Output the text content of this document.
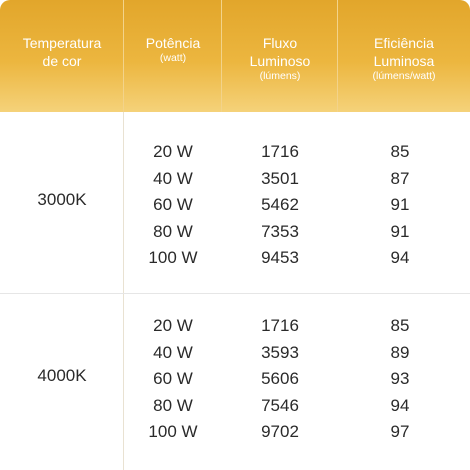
Temperatura
de cor
Potência
(watt)
Fluxo
Luminoso
(lúmens)
Eficiência
Luminosa
(lúmens/watt)
3000K
20 W
40 W
60 W
80 W
100 W
1716
3501
5462
7353
9453
85
87
91
91
94
4000K
20 W
40 W
60 W
80 W
100 W
1716
3593
5606
7546
9702
85
89
93
94
97
